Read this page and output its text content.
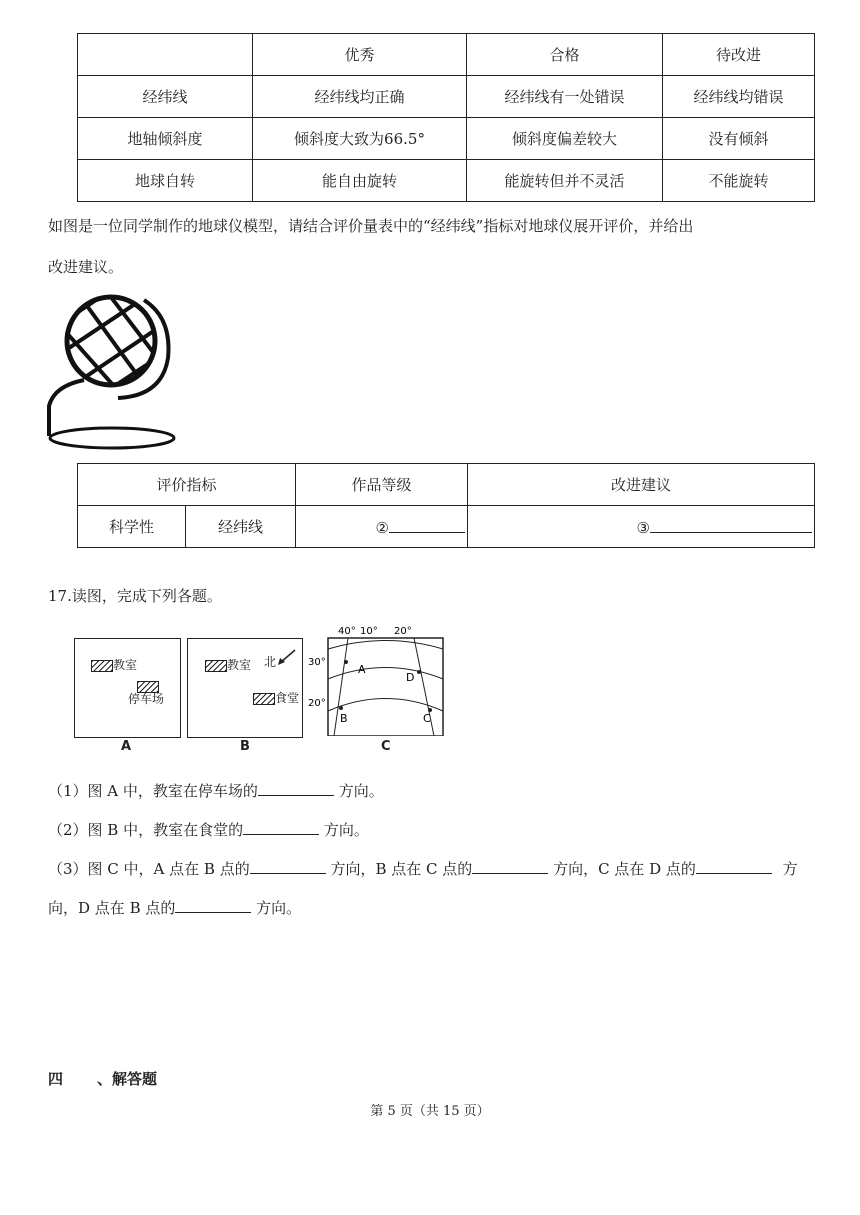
	优秀	合格	待改进
经纬线	经纬线均正确	经纬线有一处错误	经纬线均错误
地轴倾斜度	倾斜度大致为66.5°	倾斜度偏差较大	没有倾斜
地球自转	能自由旋转	能旋转但并不灵活	不能旋转
如图是一位同学制作的地球仪模型，请结合评价量表中的“经纬线”指标对地球仪展开评价，并给出
改进建议。
评价指标		作品等级	改进建议
科学性	经纬线	②	③
17.读图，完成下列各题。
教室
停车场
A
教室 北
食堂
B
40° 10° 20°
30°
20°
A
B	C
D
C
（1）图 A 中，教室在停车场的	方向。
（2）图 B 中，教室在食堂的	方向。
（3）图 C 中，A 点在 B 点的	方向，B 点在 C 点的	方向，C 点在 D 点的	方
向，D 点在 B 点的	方向。
四 、解答题
第 5 页（共 15 页）
